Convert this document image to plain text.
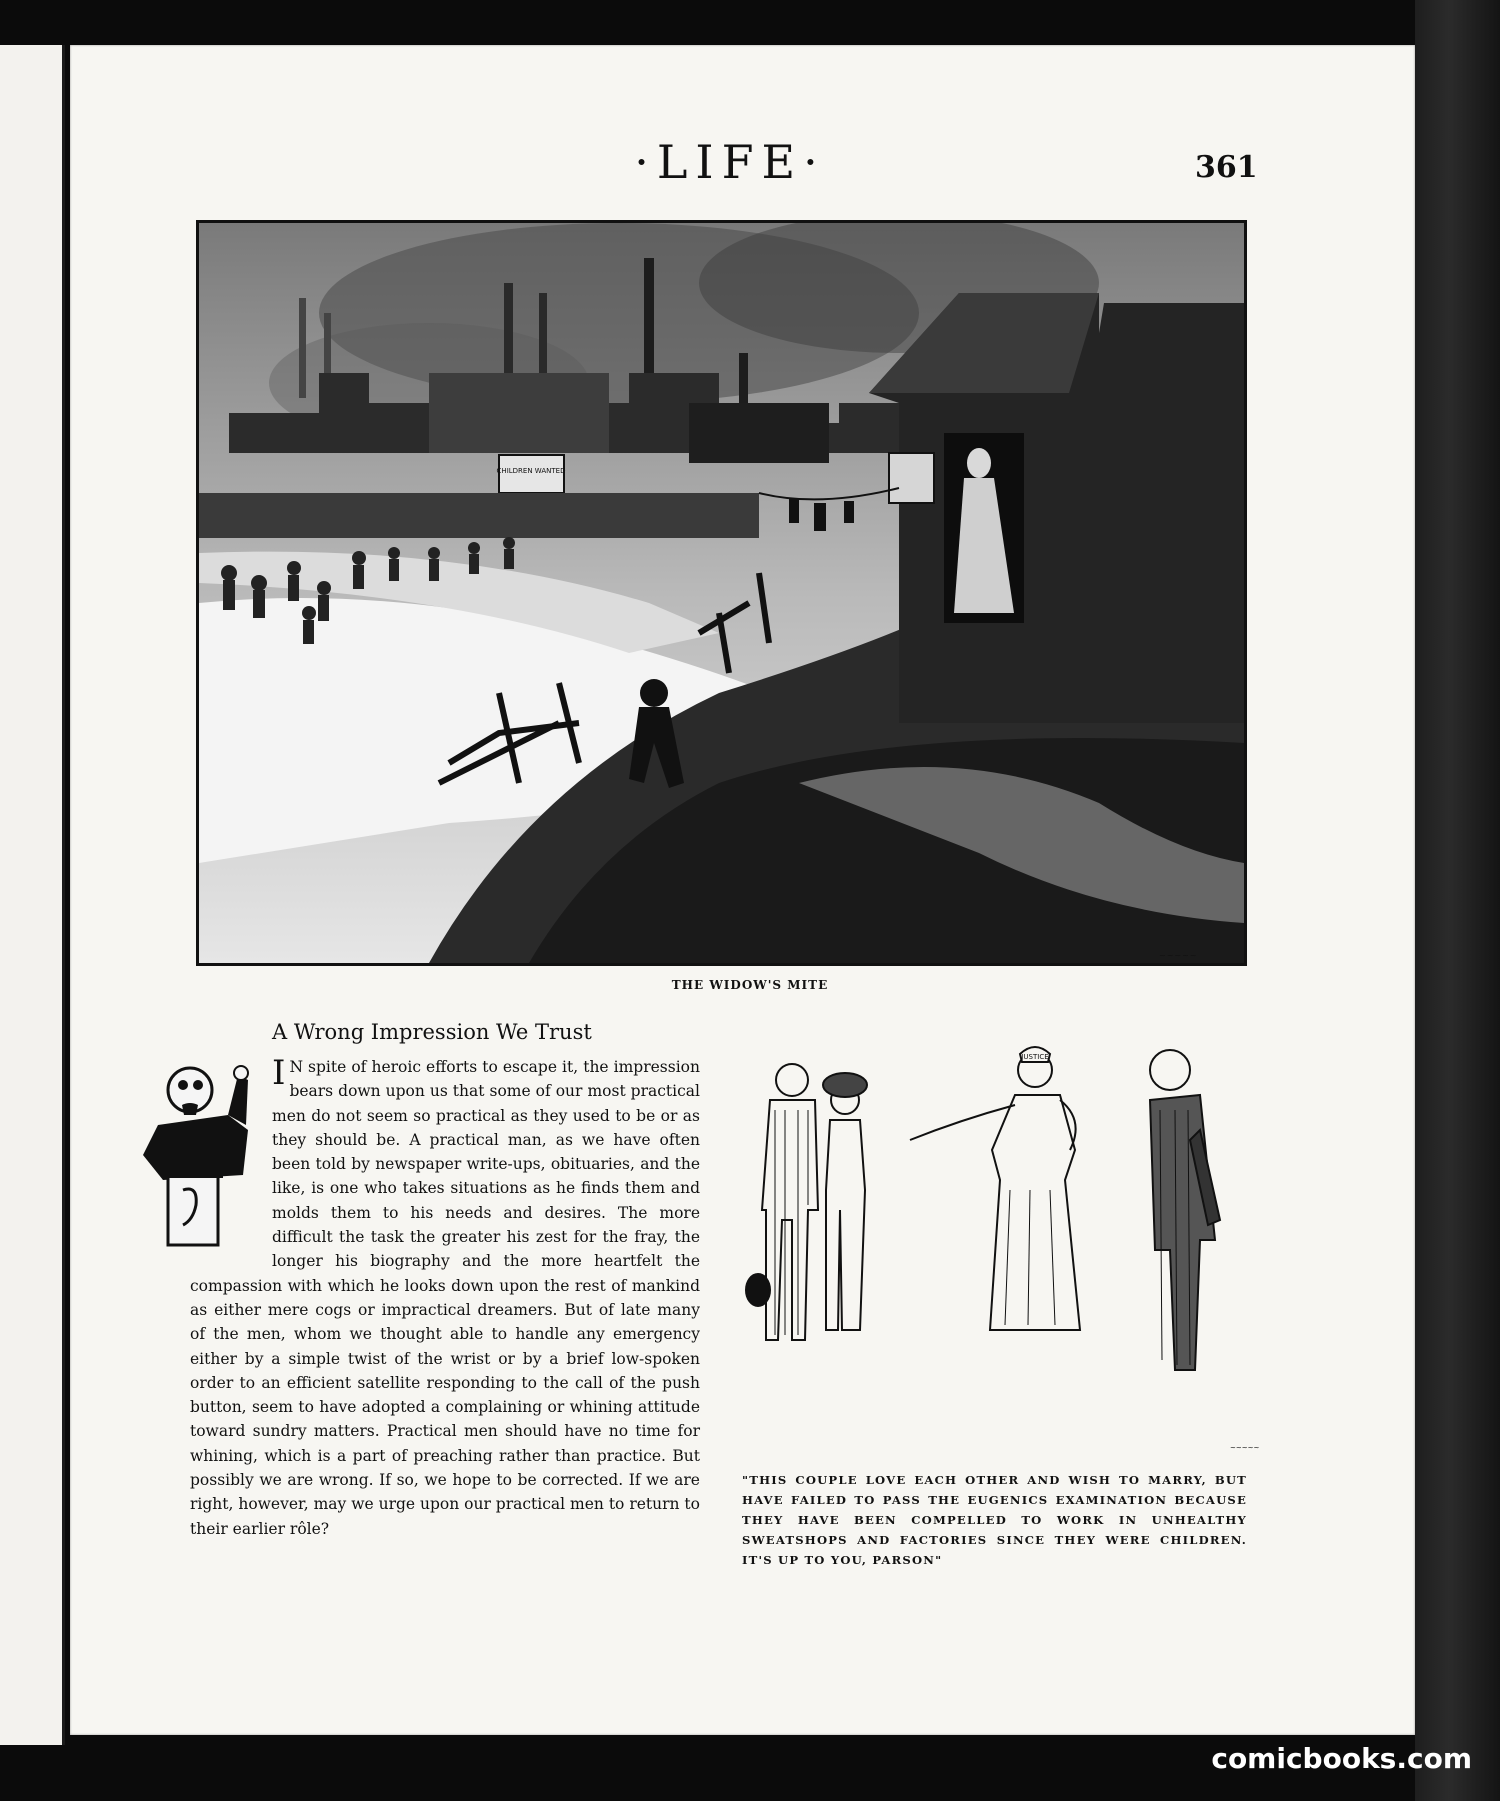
·LIFE·	361
CHILDREN WANTED
~~~~~
THE WIDOW'S MITE
A Wrong Impression We Trust
I N spite of heroic efforts to escape it, the impression bears down upon us that some of our most practical men do not seem so practical as they used to be or as they should be. A practical man, as we have often been told by newspaper write-ups, obituaries, and the like, is one who takes situations as he finds them and molds them to his needs and desires. The more difficult the task the greater his zest for the fray, the longer his biography and the more heartfelt the compassion with which he looks down upon the rest of mankind as either mere cogs or impractical dreamers. But of late many of the men, whom we thought able to handle any emergency either by a simple twist of the wrist or by a brief low-spoken order to an efficient satellite responding to the call of the push button, seem to have adopted a complaining or whining attitude toward sundry matters. Practical men should have no time for whining, which is a part of preaching rather than practice. But possibly we are wrong. If so, we hope to be corrected. If we are right, however, may we urge upon our practical men to return to their earlier rôle?
JUSTICE
~~~~~
"THIS COUPLE LOVE EACH OTHER AND WISH TO MARRY, BUT HAVE FAILED TO PASS THE EUGENICS EXAMINATION BECAUSE THEY HAVE BEEN COMPELLED TO WORK IN UNHEALTHY SWEATSHOPS AND FACTORIES SINCE THEY WERE CHILDREN. IT'S UP TO YOU, PARSON"
comicbooks.com
